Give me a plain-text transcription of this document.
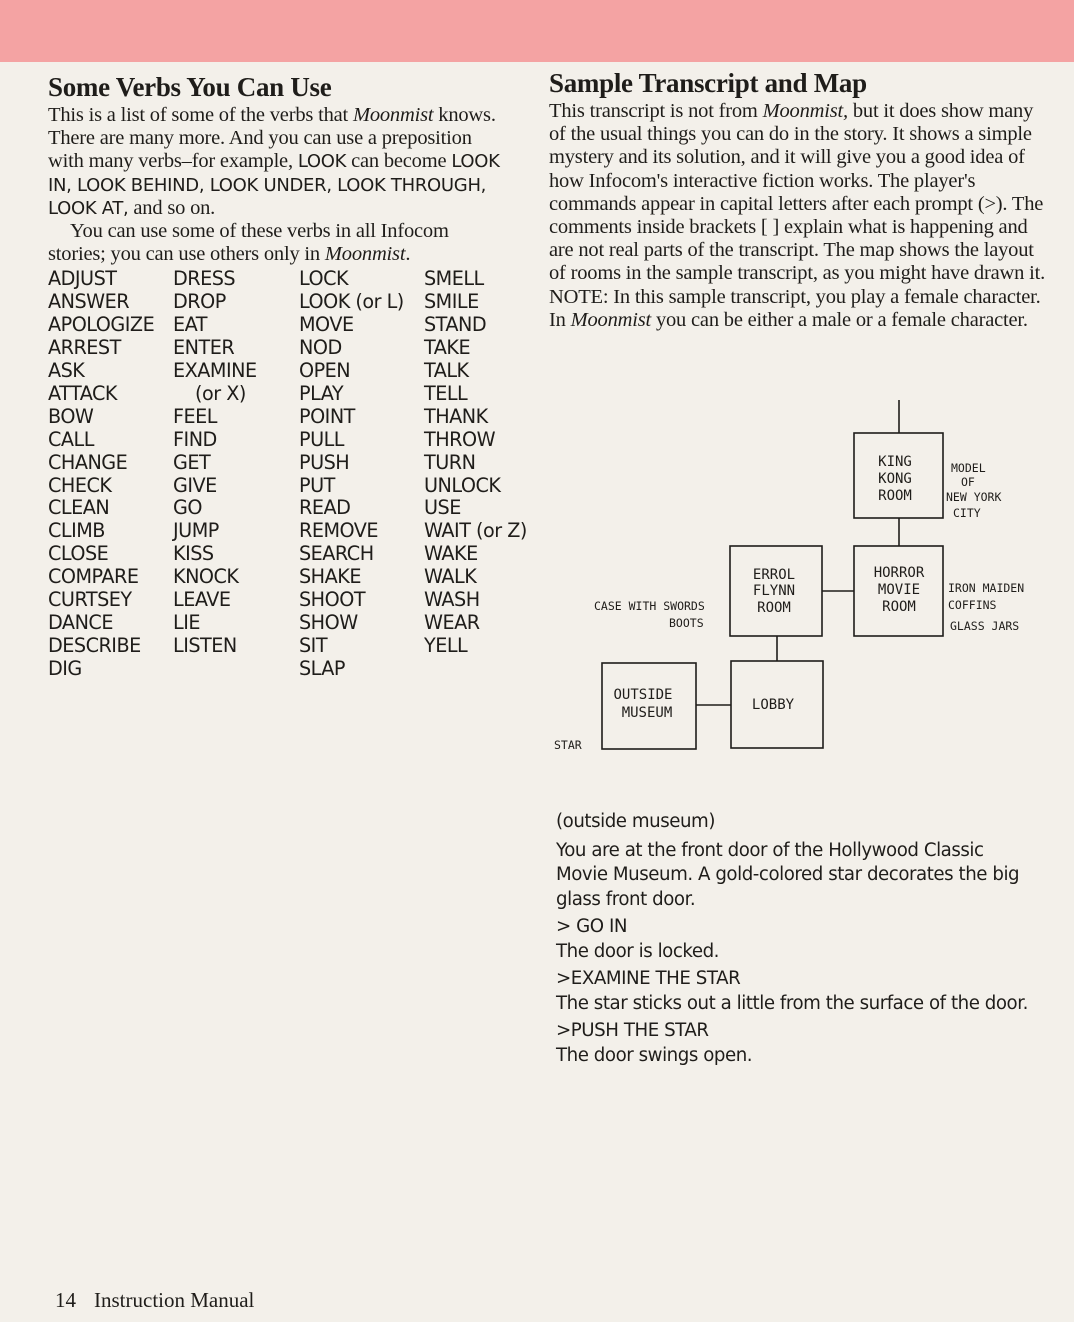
Some Verbs You Can Use

This is a list of some of the verbs that Moonmist knows. There are many more. And you can use a preposition with many verbs–for example, LOOK can become LOOK IN, LOOK BEHIND, LOOK UNDER, LOOK THROUGH, LOOK AT, and so on.
You can use some of these verbs in all Infocom stories; you can use others only in Moonmist.

ADJUST
ANSWER
APOLOGIZE
ARREST
ASK
ATTACK
BOW
CALL
CHANGE
CHECK
CLEAN
CLIMB
CLOSE
COMPARE
CURTSEY
DANCE
DESCRIBE
DIG
DRESS
DROP
EAT
ENTER
EXAMINE
(or X)
FEEL
FIND
GET
GIVE
GO
JUMP
KISS
KNOCK
LEAVE
LIE
LISTEN
LOCK
LOOK (or L)
MOVE
NOD
OPEN
PLAY
POINT
PULL
PUSH
PUT
READ
REMOVE
SEARCH
SHAKE
SHOOT
SHOW
SIT
SLAP
SMELL
SMILE
STAND
TAKE
TALK
TELL
THANK
THROW
TURN
UNLOCK
USE
WAIT (or Z)
WAKE
WALK
WASH
WEAR
YELL
Sample Transcript and Map

This transcript is not from Moonmist, but it does show many of the usual things you can do in the story. It shows a simple mystery and its solution, and it will give you a good idea of how Infocom's interactive fiction works. The player's commands appear in capital letters after each prompt (>). The comments inside brackets [ ] explain what is happening and are not real parts of the transcript. The map shows the layout of rooms in the sample transcript, as you might have drawn it. NOTE: In this sample transcript, you play a female character. In Moonmist you can be either a male or a female character.

KING
KONG
ROOM
ERROL
FLYNN
ROOM
HORROR
MOVIE
ROOM
OUTSIDE
MUSEUM	LOBBY
MODEL
OF
NEW YORK
CITY
CASE WITH SWORDS
BOOTS
IRON MAIDEN
COFFINS
GLASS JARS
STAR

(outside museum)

You are at the front door of the Hollywood Classic Movie Museum. A gold-colored star decorates the big glass front door.

> GO IN

The door is locked.

>EXAMINE THE STAR

The star sticks out a little from the surface of the door.

>PUSH THE STAR

The door swings open.

14 Instruction Manual
